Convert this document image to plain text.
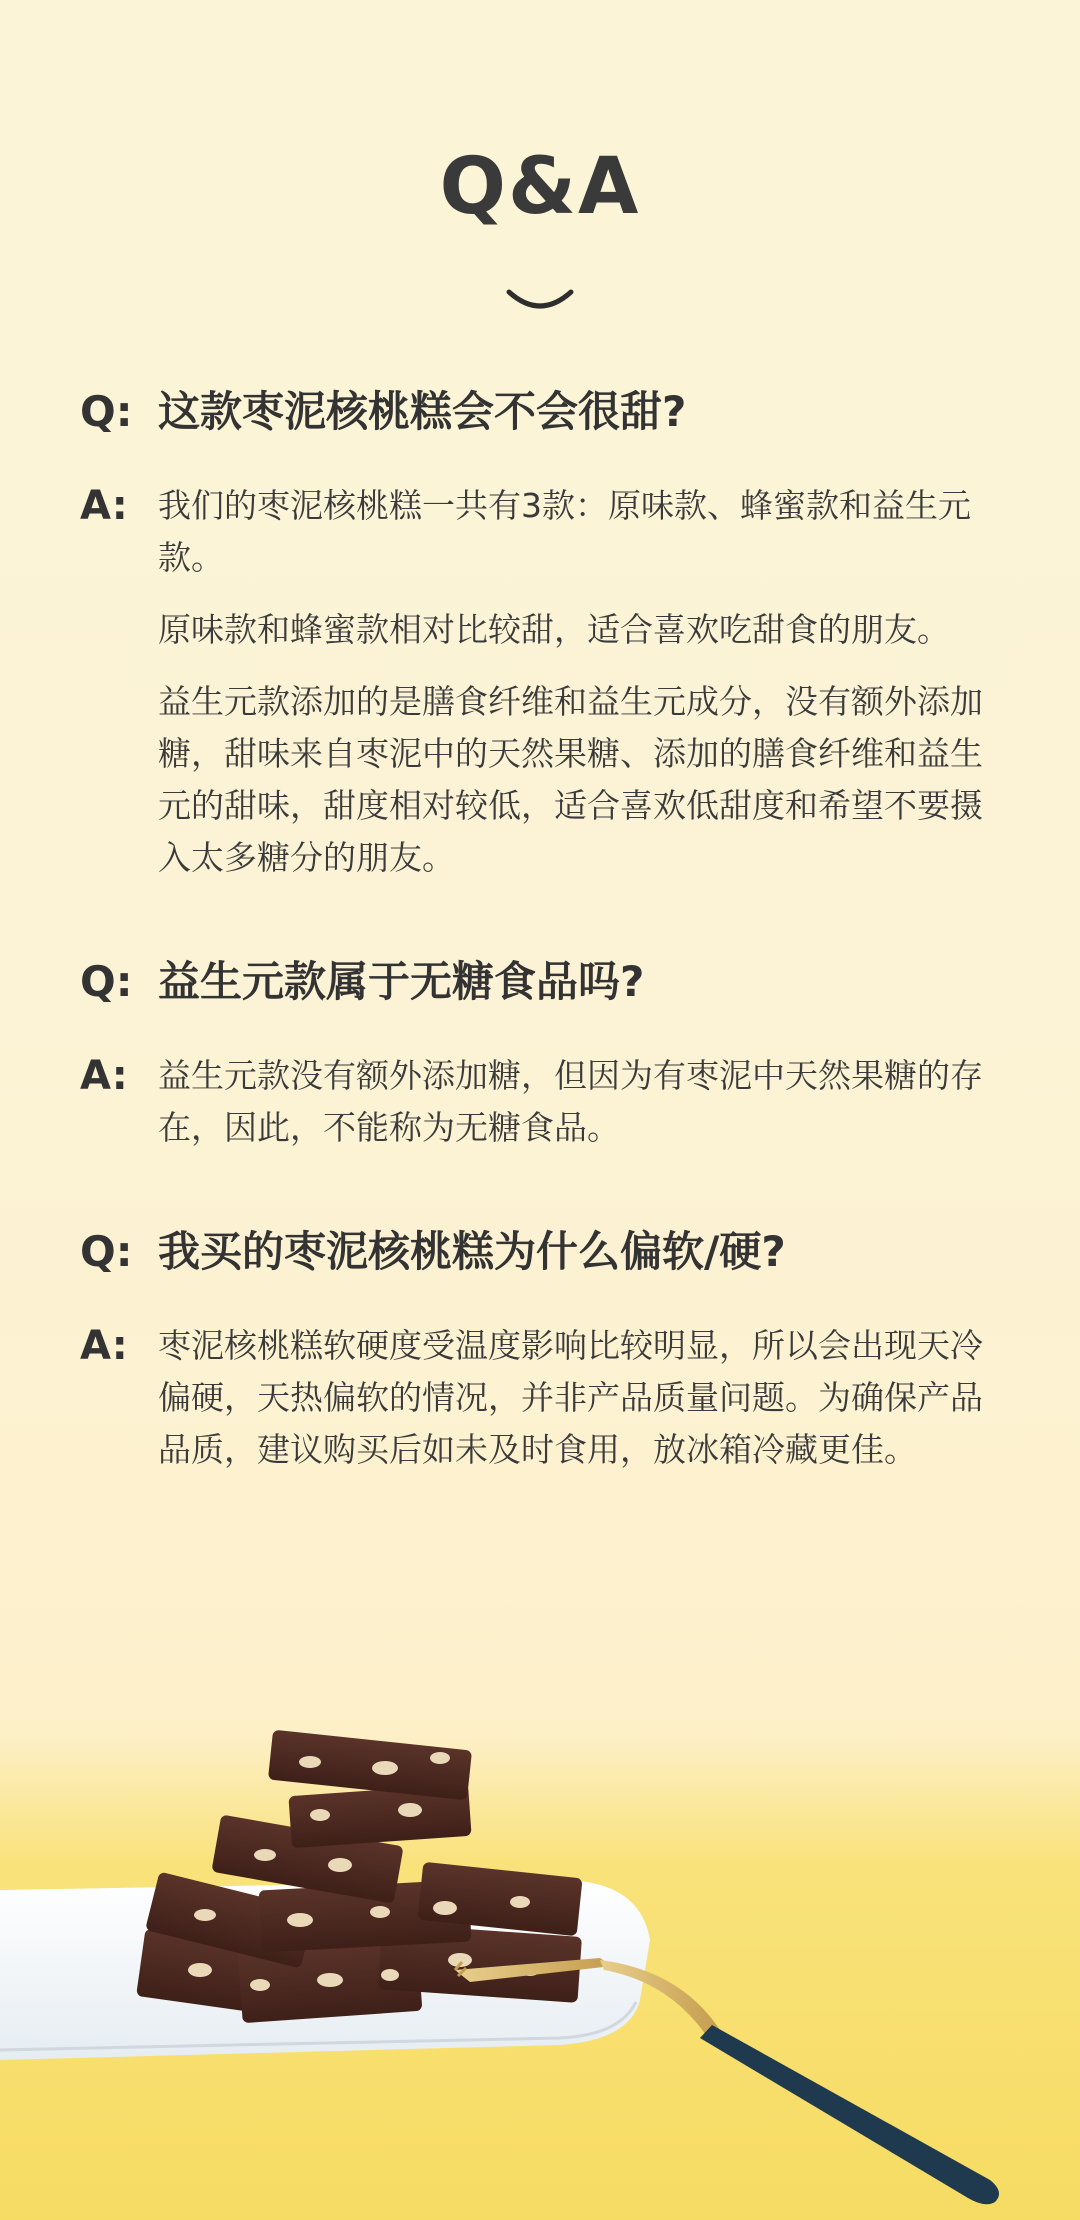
Q&A
Q: 这款枣泥核桃糕会不会很甜?
A: 我们的枣泥核桃糕一共有3款：原味款、蜂蜜款和益生元款。

原味款和蜂蜜款相对比较甜，适合喜欢吃甜食的朋友。

益生元款添加的是膳食纤维和益生元成分，没有额外添加糖，甜味来自枣泥中的天然果糖、添加的膳食纤维和益生元的甜味，甜度相对较低，适合喜欢低甜度和希望不要摄入太多糖分的朋友。

Q: 益生元款属于无糖食品吗?
A: 益生元款没有额外添加糖，但因为有枣泥中天然果糖的存在，因此，不能称为无糖食品。

Q: 我买的枣泥核桃糕为什么偏软/硬?
A: 枣泥核桃糕软硬度受温度影响比较明显，所以会出现天冷偏硬，天热偏软的情况，并非产品质量问题。为确保产品品质，建议购买后如未及时食用，放冰箱冷藏更佳。
